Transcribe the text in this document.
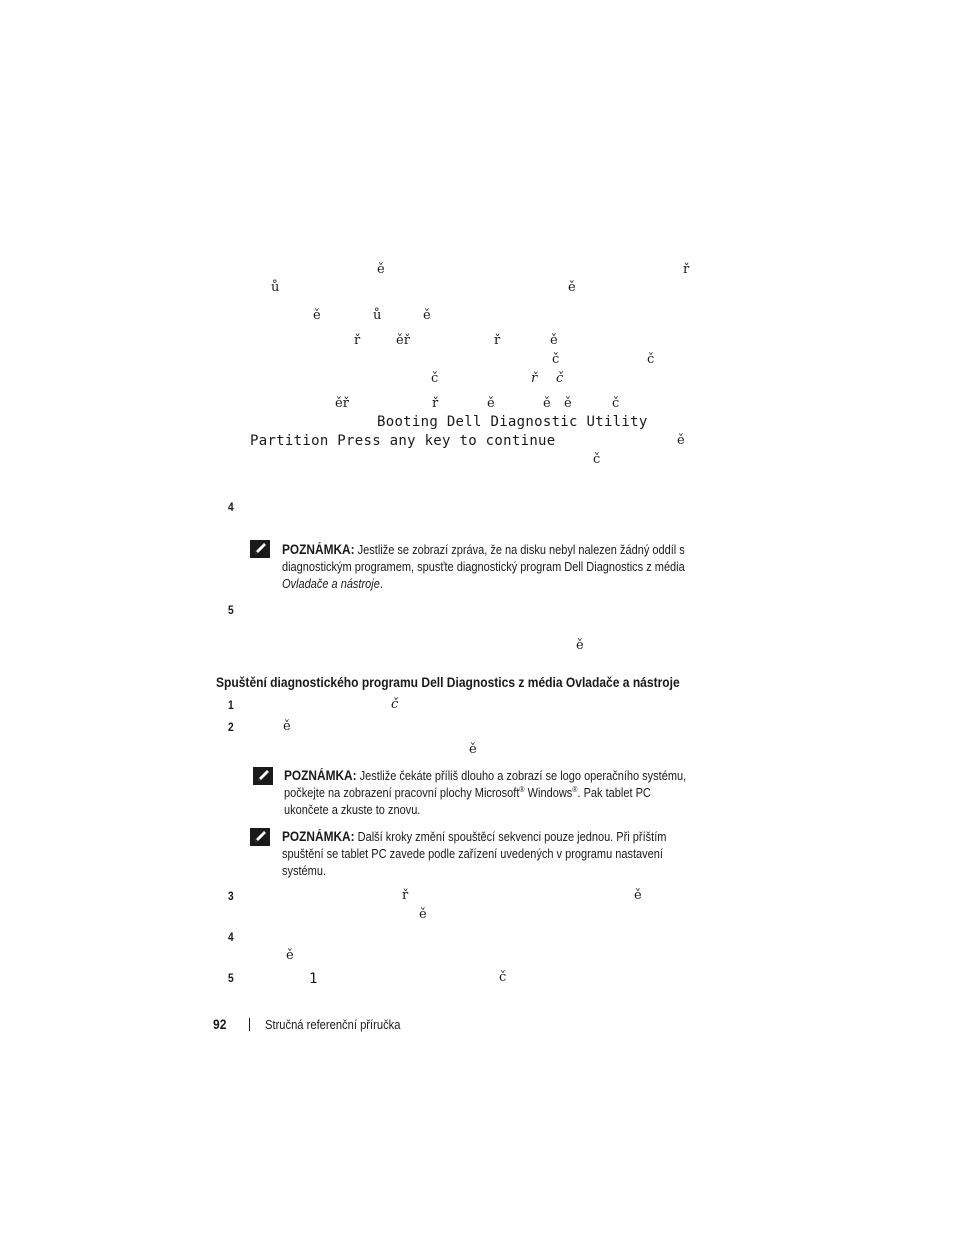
ě	ř
ů	ě
ě	ů	ě
ř	ěř	ř	ě
č	č
č	ř č
ěř	ř	ě	ě ě	č
Booting Dell Diagnostic Utility
Partition Press any key to continue	ě
č
4
POZNÁMKA: Jestliže se zobrazí zpráva, že na disku nebyl nalezen žádný oddíl s
diagnostickým programem, spusťte diagnostický program Dell Diagnostics z média
Ovladače a nástroje.
5
ě
Spuštění diagnostického programu Dell Diagnostics z média Ovladače a nástroje
1	č
2	ě
ě
POZNÁMKA: Jestliže čekáte příliš dlouho a zobrazí se logo operačního systému,
počkejte na zobrazení pracovní plochy Microsoft® Windows®. Pak tablet PC
ukončete a zkuste to znovu.
POZNÁMKA: Další kroky změní spouštěcí sekvenci pouze jednou. Při příštím
spuštění se tablet PC zavede podle zařízení uvedených v programu nastavení
systému.
3	ř	ě
ě
4
ě
5	1	č
92	Stručná referenční příručka
